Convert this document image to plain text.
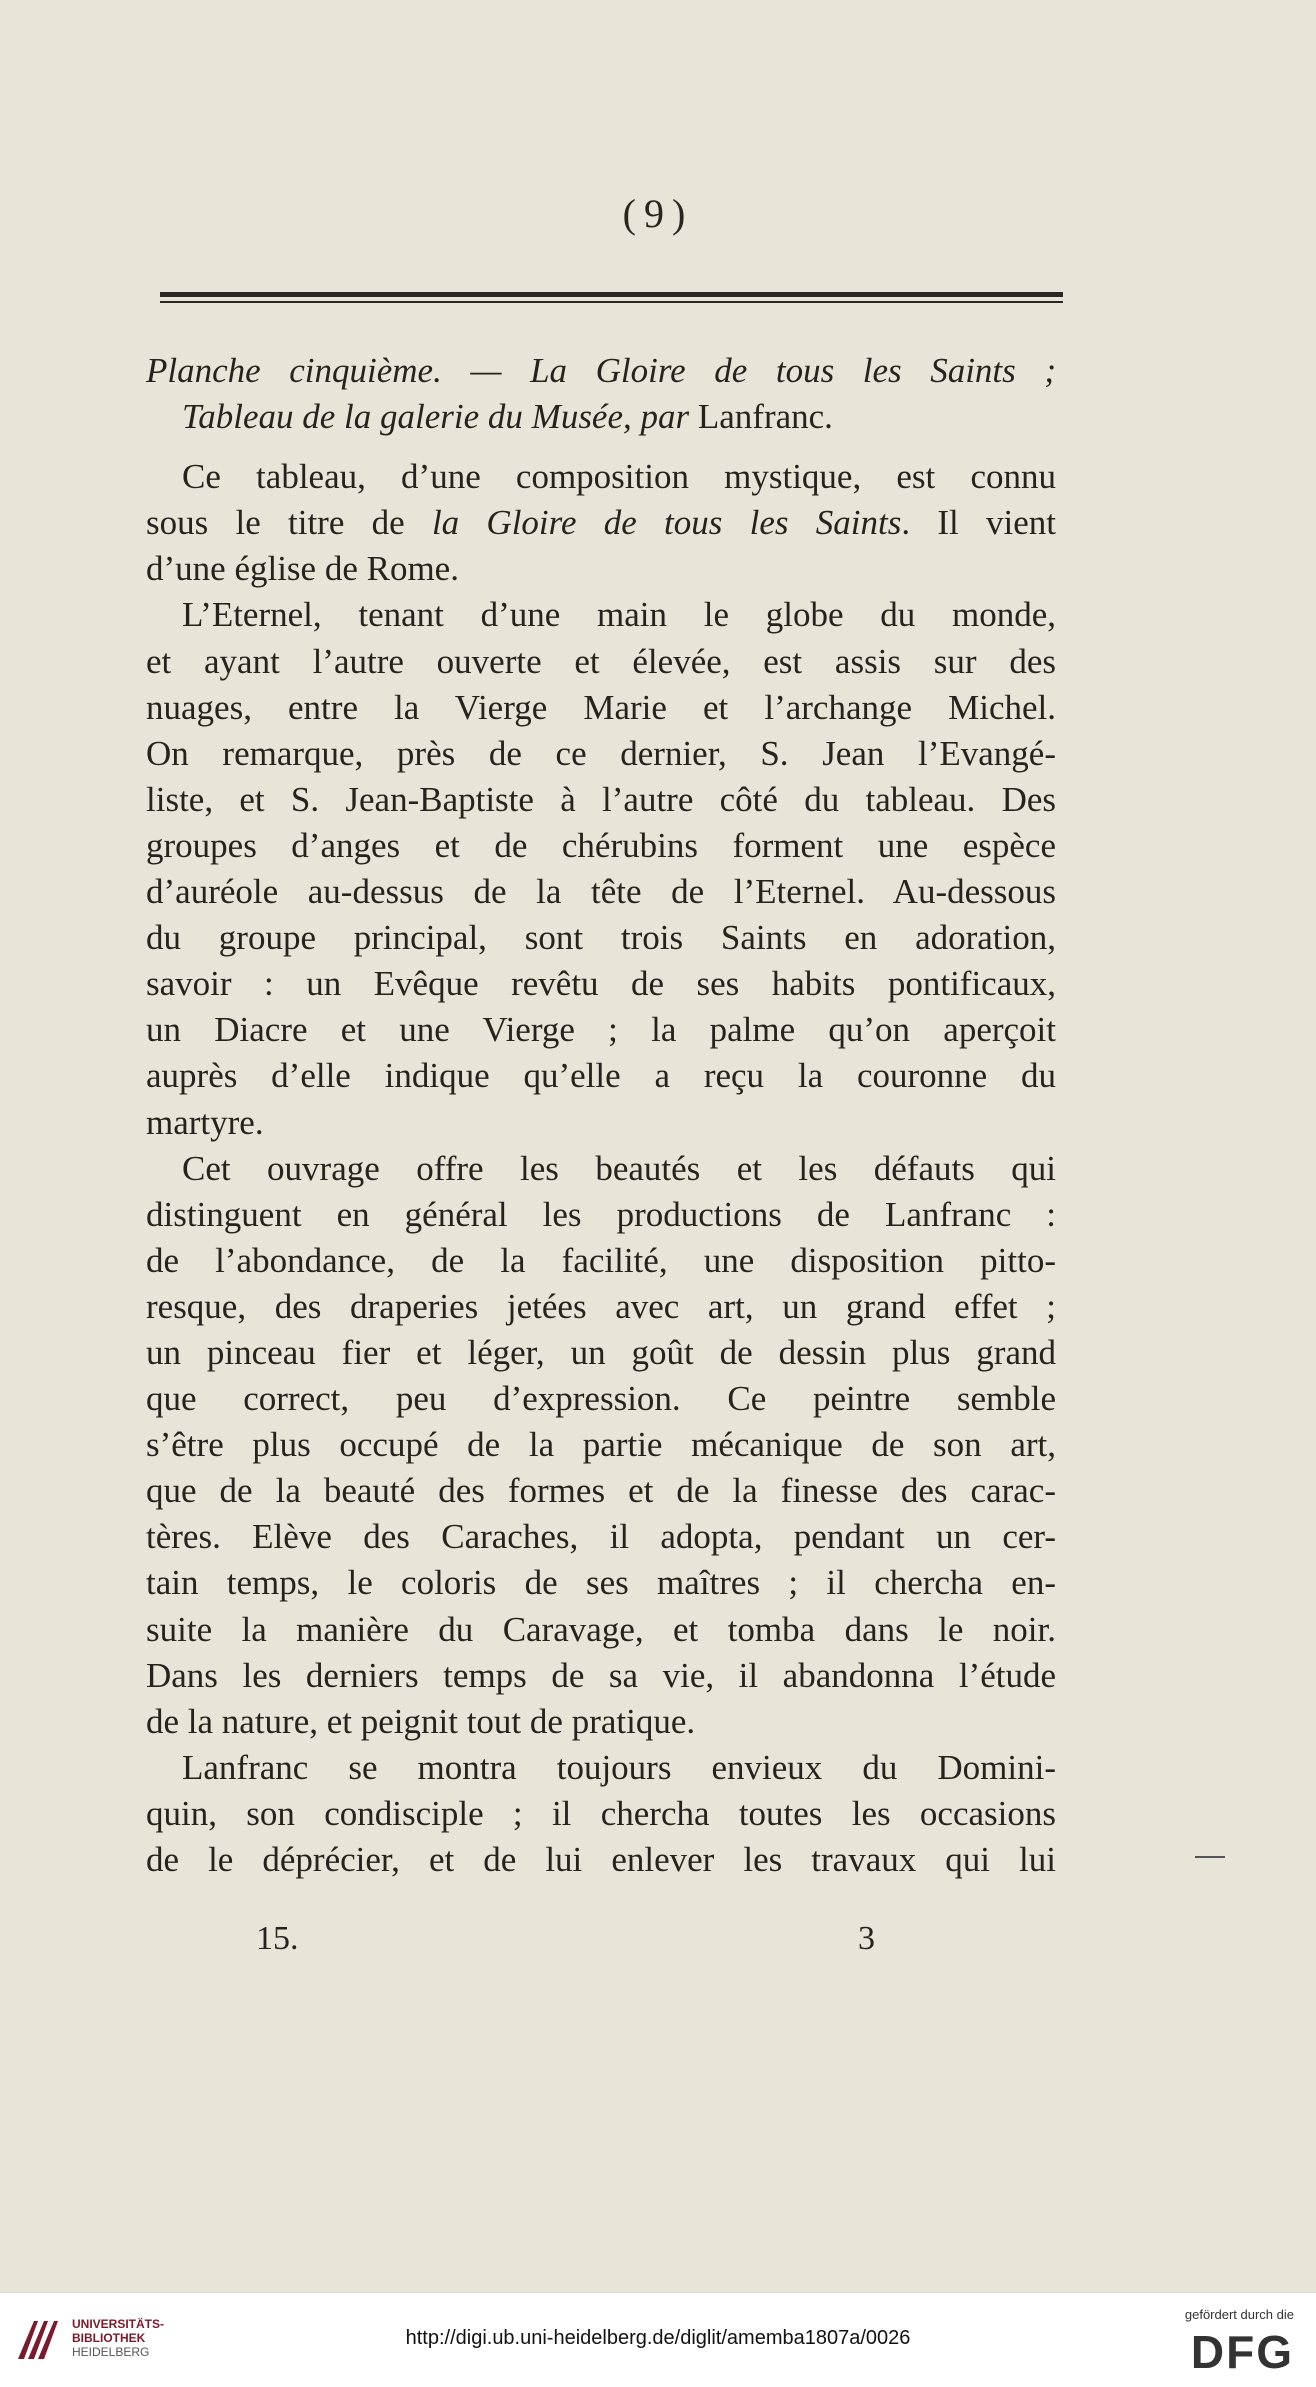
(9)
Planche cinquième. — La Gloire de tous les Saints ;
Tableau de la galerie du Musée, par Lanfranc.
Ce tableau, d’une composition mystique, est connu
sous le titre de la Gloire de tous les Saints. Il vient
d’une église de Rome.
L’Eternel, tenant d’une main le globe du monde,
et ayant l’autre ouverte et élevée, est assis sur des
nuages, entre la Vierge Marie et l’archange Michel.
On remarque, près de ce dernier, S. Jean l’Evangé-
liste, et S. Jean-Baptiste à l’autre côté du tableau. Des
groupes d’anges et de chérubins forment une espèce
d’auréole au-dessus de la tête de l’Eternel. Au-dessous
du groupe principal, sont trois Saints en adoration,
savoir : un Evêque revêtu de ses habits pontificaux,
un Diacre et une Vierge ; la palme qu’on aperçoit
auprès d’elle indique qu’elle a reçu la couronne du
martyre.
Cet ouvrage offre les beautés et les défauts qui
distinguent en général les productions de Lanfranc :
de l’abondance, de la facilité, une disposition pitto-
resque, des draperies jetées avec art, un grand effet ;
un pinceau fier et léger, un goût de dessin plus grand
que correct, peu d’expression. Ce peintre semble
s’être plus occupé de la partie mécanique de son art,
que de la beauté des formes et de la finesse des carac-
tères. Elève des Caraches, il adopta, pendant un cer-
tain temps, le coloris de ses maîtres ; il chercha en-
suite la manière du Caravage, et tomba dans le noir.
Dans les derniers temps de sa vie, il abandonna l’étude
de la nature, et peignit tout de pratique.
Lanfranc se montra toujours envieux du Domini-
quin, son condisciple ; il chercha toutes les occasions
de le déprécier, et de lui enlever les travaux qui lui
15.	3
UNIVERSITÄTS-
BIBLIOTHEK
HEIDELBERG
http://digi.ub.uni-heidelberg.de/diglit/amemba1807a/0026
gefördert durch die
DFG
